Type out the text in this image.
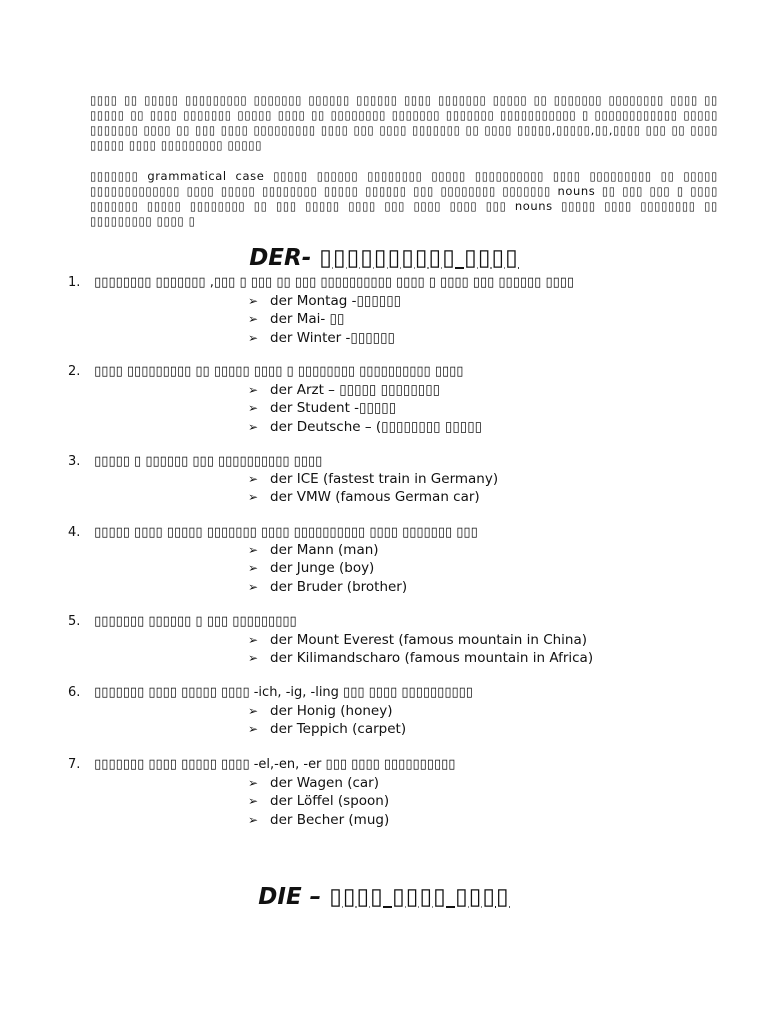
▯▯▯▯ ▯▯ ▯▯▯▯▯ ▯▯▯▯▯▯▯▯▯ ▯▯▯▯▯▯▯ ▯▯▯▯▯▯ ▯▯▯▯▯▯ ▯▯▯▯ ▯▯▯▯▯▯▯ ▯▯▯▯▯ ▯▯ ▯▯▯▯▯▯▯ ▯▯▯▯▯▯▯▯ ▯▯▯▯ ▯▯ ▯▯▯▯▯ ▯▯ ▯▯▯▯ ▯▯▯▯▯▯▯ ▯▯▯▯▯ ▯▯▯▯ ▯▯ ▯▯▯▯▯▯▯▯ ▯▯▯▯▯▯▯ ▯▯▯▯▯▯▯ ▯▯▯▯▯▯▯▯▯▯▯ ▯ ▯▯▯▯▯▯▯▯▯▯▯▯ ▯▯▯▯▯ ▯▯▯▯▯▯▯ ▯▯▯▯ ▯▯ ▯▯▯ ▯▯▯▯ ▯▯▯▯▯▯▯▯▯ ▯▯▯▯ ▯▯▯ ▯▯▯▯ ▯▯▯▯▯▯▯ ▯▯ ▯▯▯▯ ▯▯▯▯▯,▯▯▯▯▯,▯▯,▯▯▯▯ ▯▯▯ ▯▯ ▯▯▯▯ ▯▯▯▯▯ ▯▯▯▯ ▯▯▯▯▯▯▯▯▯ ▯▯▯▯▯
▯▯▯▯▯▯▯ grammatical case ▯▯▯▯▯ ▯▯▯▯▯▯ ▯▯▯▯▯▯▯▯ ▯▯▯▯▯ ▯▯▯▯▯▯▯▯▯▯ ▯▯▯▯ ▯▯▯▯▯▯▯▯▯ ▯▯ ▯▯▯▯▯ ▯▯▯▯▯▯▯▯▯▯▯▯▯ ▯▯▯▯ ▯▯▯▯▯ ▯▯▯▯▯▯▯▯ ▯▯▯▯▯ ▯▯▯▯▯▯ ▯▯▯ ▯▯▯▯▯▯▯▯ ▯▯▯▯▯▯▯ nouns ▯▯ ▯▯▯ ▯▯▯ ▯ ▯▯▯▯ ▯▯▯▯▯▯▯ ▯▯▯▯▯ ▯▯▯▯▯▯▯▯ ▯▯ ▯▯▯ ▯▯▯▯▯ ▯▯▯▯ ▯▯▯ ▯▯▯▯ ▯▯▯▯ ▯▯▯ nouns ▯▯▯▯▯ ▯▯▯▯ ▯▯▯▯▯▯▯▯ ▯▯ ▯▯▯▯▯▯▯▯▯ ▯▯▯▯ ▯
DER- ▯▯▯▯▯▯▯▯▯▯ ▯▯▯▯
1. ▯▯▯▯▯▯▯▯ ▯▯▯▯▯▯▯ ,▯▯▯ ▯ ▯▯▯ ▯▯ ▯▯▯ ▯▯▯▯▯▯▯▯▯▯ ▯▯▯▯ ▯ ▯▯▯▯ ▯▯▯ ▯▯▯▯▯▯ ▯▯▯▯
➢ der Montag -▯▯▯▯▯▯
➢ der Mai- ▯▯
➢ der Winter -▯▯▯▯▯▯
2. ▯▯▯▯ ▯▯▯▯▯▯▯▯▯ ▯▯ ▯▯▯▯▯ ▯▯▯▯ ▯ ▯▯▯▯▯▯▯▯ ▯▯▯▯▯▯▯▯▯▯ ▯▯▯▯
➢ der Arzt – ▯▯▯▯▯ ▯▯▯▯▯▯▯▯
➢ der Student -▯▯▯▯▯
➢ der Deutsche – (▯▯▯▯▯▯▯▯ ▯▯▯▯▯
3. ▯▯▯▯▯ ▯ ▯▯▯▯▯▯ ▯▯▯ ▯▯▯▯▯▯▯▯▯▯ ▯▯▯▯
➢ der ICE (fastest train in Germany)
➢ der VMW (famous German car)
4. ▯▯▯▯▯ ▯▯▯▯ ▯▯▯▯▯ ▯▯▯▯▯▯▯ ▯▯▯▯ ▯▯▯▯▯▯▯▯▯▯ ▯▯▯▯ ▯▯▯▯▯▯▯ ▯▯▯
➢ der Mann (man)
➢ der Junge (boy)
➢ der Bruder (brother)
5. ▯▯▯▯▯▯▯ ▯▯▯▯▯▯ ▯ ▯▯▯ ▯▯▯▯▯▯▯▯▯
➢ der Mount Everest (famous mountain in China)
➢ der Kilimandscharo (famous mountain in Africa)
6. ▯▯▯▯▯▯▯ ▯▯▯▯ ▯▯▯▯▯ ▯▯▯▯ -ich, -ig, -ling ▯▯▯ ▯▯▯▯ ▯▯▯▯▯▯▯▯▯▯
➢ der Honig (honey)
➢ der Teppich (carpet)
7. ▯▯▯▯▯▯▯ ▯▯▯▯ ▯▯▯▯▯ ▯▯▯▯ -el,-en, -er ▯▯▯ ▯▯▯▯ ▯▯▯▯▯▯▯▯▯▯
➢ der Wagen (car)
➢ der Löffel (spoon)
➢ der Becher (mug)
DIE – ▯▯▯▯ ▯▯▯▯ ▯▯▯▯
